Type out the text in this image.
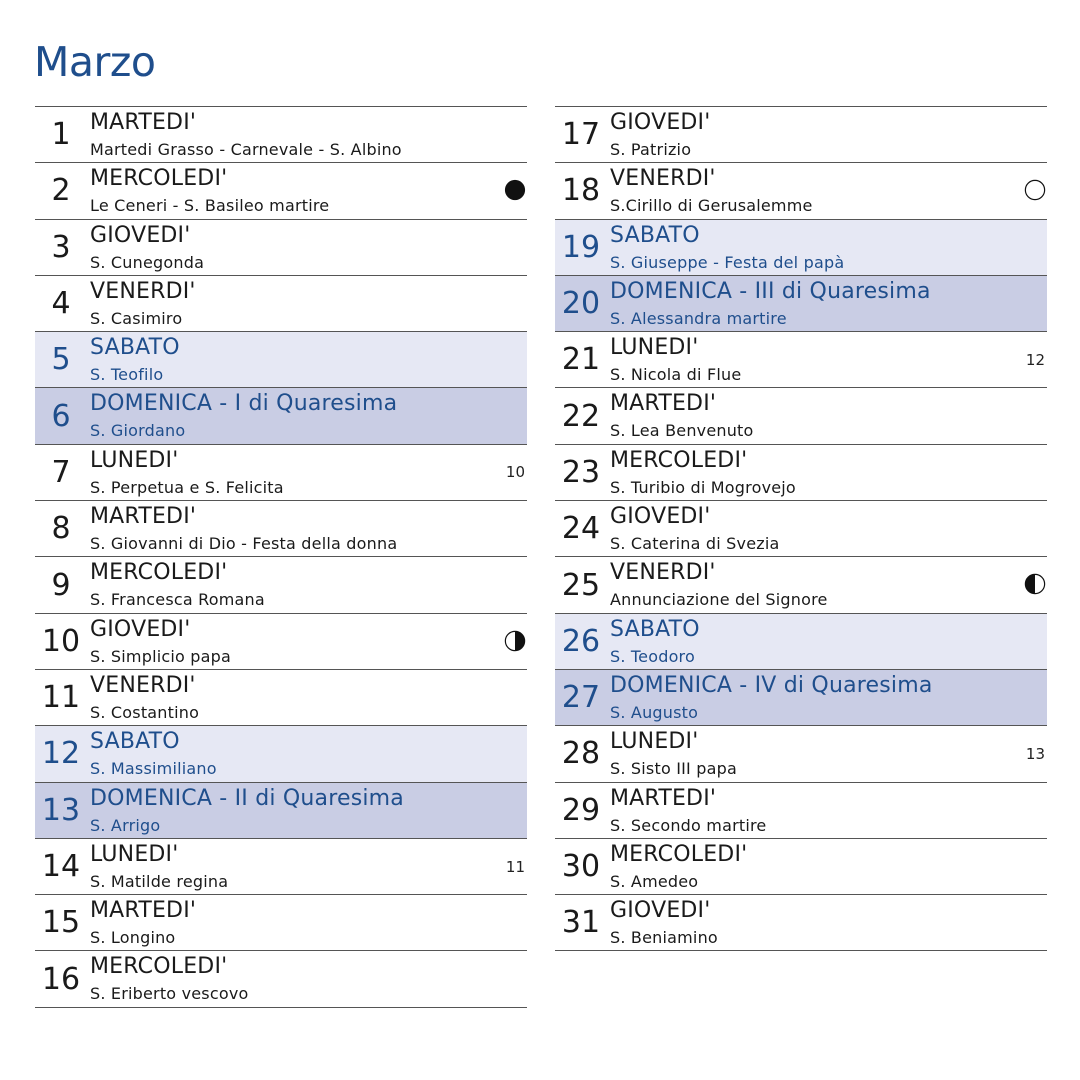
Marzo
1 MARTEDI'
Martedi Grasso - Carnevale - S. Albino
2 MERCOLEDI'
Le Ceneri - S. Basileo martire
3 GIOVEDI'
S. Cunegonda
4 VENERDI'
S. Casimiro
5 SABATO
S. Teofilo
6 DOMENICA - I di Quaresima
S. Giordano
7 LUNEDI'
S. Perpetua e S. Felicita
10
8 MARTEDI'
S. Giovanni di Dio - Festa della donna
9 MERCOLEDI'
S. Francesca Romana
10 GIOVEDI'
S. Simplicio papa
11 VENERDI'
S. Costantino
12 SABATO
S. Massimiliano
13 DOMENICA - II di Quaresima
S. Arrigo
14 LUNEDI'
S. Matilde regina
11
15 MARTEDI'
S. Longino
16 MERCOLEDI'
S. Eriberto vescovo
17 GIOVEDI'
S. Patrizio
18 VENERDI'
S.Cirillo di Gerusalemme
19 SABATO
S. Giuseppe - Festa del papà
20 DOMENICA - III di Quaresima
S. Alessandra martire
21 LUNEDI'
S. Nicola di Flue
12
22 MARTEDI'
S. Lea Benvenuto
23 MERCOLEDI'
S. Turibio di Mogrovejo
24 GIOVEDI'
S. Caterina di Svezia
25 VENERDI'
Annunciazione del Signore
26 SABATO
S. Teodoro
27 DOMENICA - IV di Quaresima
S. Augusto
28 LUNEDI'
S. Sisto III papa
13
29 MARTEDI'
S. Secondo martire
30 MERCOLEDI'
S. Amedeo
31 GIOVEDI'
S. Beniamino
